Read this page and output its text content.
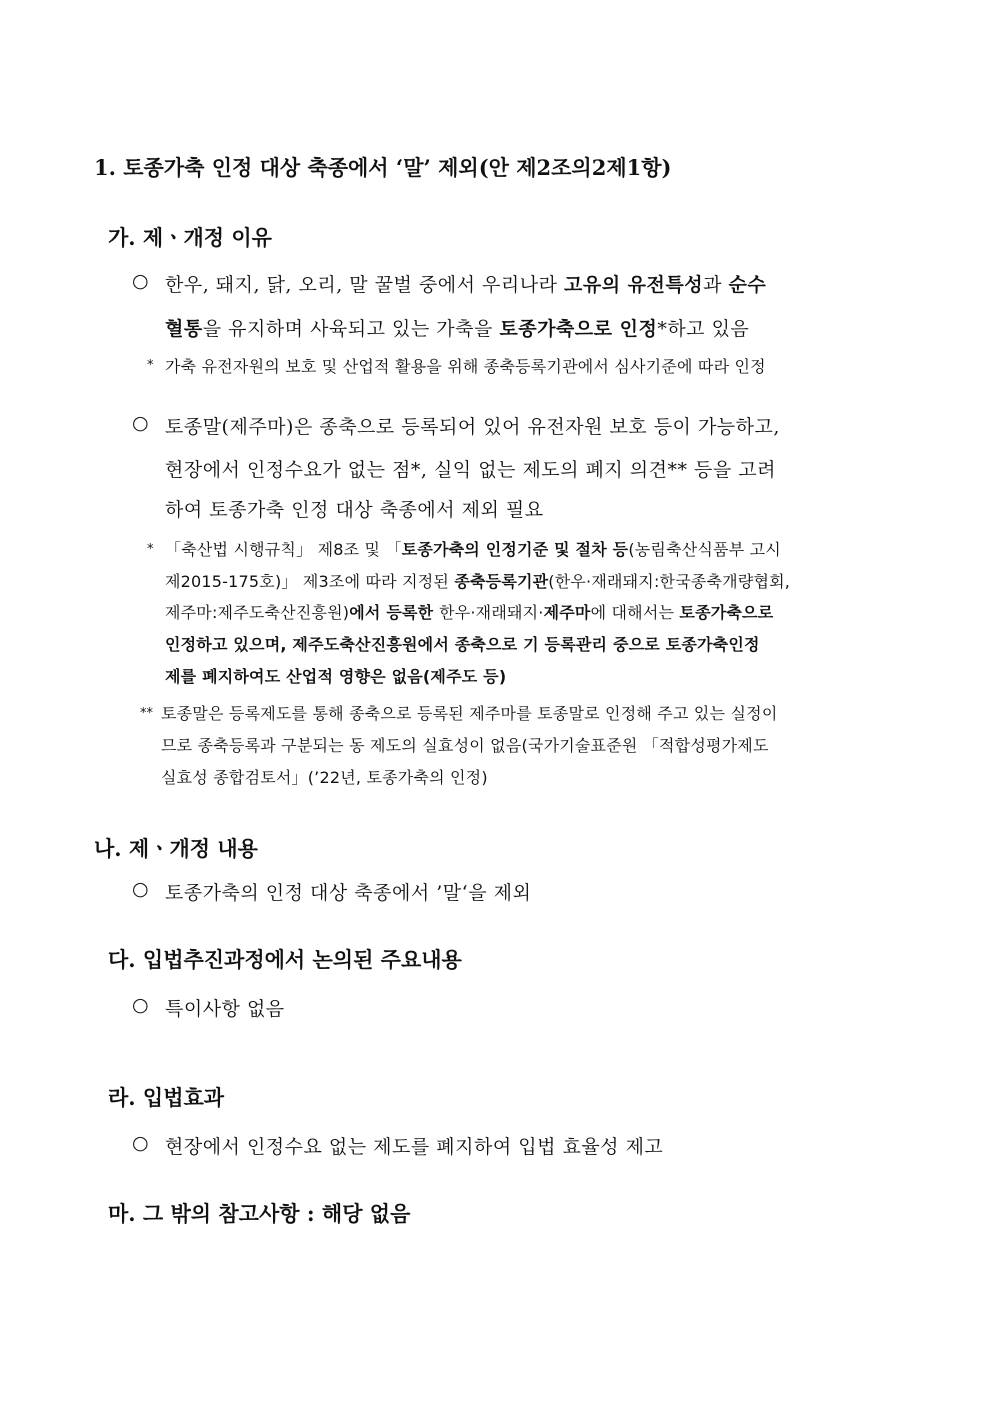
1. 토종가축 인정 대상 축종에서 ‘말’ 제외(안 제2조의2제1항)
가. 제ㆍ개정 이유
○ 한우, 돼지, 닭, 오리, 말 꿀벌 중에서 우리나라 고유의 유전특성과 순수
혈통을 유지하며 사육되고 있는 가축을 토종가축으로 인정*하고 있음
* 가축 유전자원의 보호 및 산업적 활용을 위해 종축등록기관에서 심사기준에 따라 인정
○ 토종말(제주마)은 종축으로 등록되어 있어 유전자원 보호 등이 가능하고,
현장에서 인정수요가 없는 점*, 실익 없는 제도의 폐지 의견** 등을 고려
하여 토종가축 인정 대상 축종에서 제외 필요
* 「축산법 시행규칙」 제8조 및 「토종가축의 인정기준 및 절차 등(농림축산식품부 고시
제2015-175호)」 제3조에 따라 지정된 종축등록기관(한우·재래돼지:한국종축개량협회,
제주마:제주도축산진흥원)에서 등록한 한우·재래돼지·제주마에 대해서는 토종가축으로
인정하고 있으며, 제주도축산진흥원에서 종축으로 기 등록관리 중으로 토종가축인정
제를 폐지하여도 산업적 영향은 없음(제주도 등)
** 토종말은 등록제도를 통해 종축으로 등록된 제주마를 토종말로 인정해 주고 있는 실정이
므로 종축등록과 구분되는 동 제도의 실효성이 없음(국가기술표준원 「적합성평가제도
실효성 종합검토서」(’22년, 토종가축의 인정)
나. 제ㆍ개정 내용
○ 토종가축의 인정 대상 축종에서 ’말‘을 제외
다. 입법추진과정에서 논의된 주요내용
○ 특이사항 없음
라. 입법효과
○ 현장에서 인정수요 없는 제도를 폐지하여 입법 효율성 제고
마. 그 밖의 참고사항 : 해당 없음
